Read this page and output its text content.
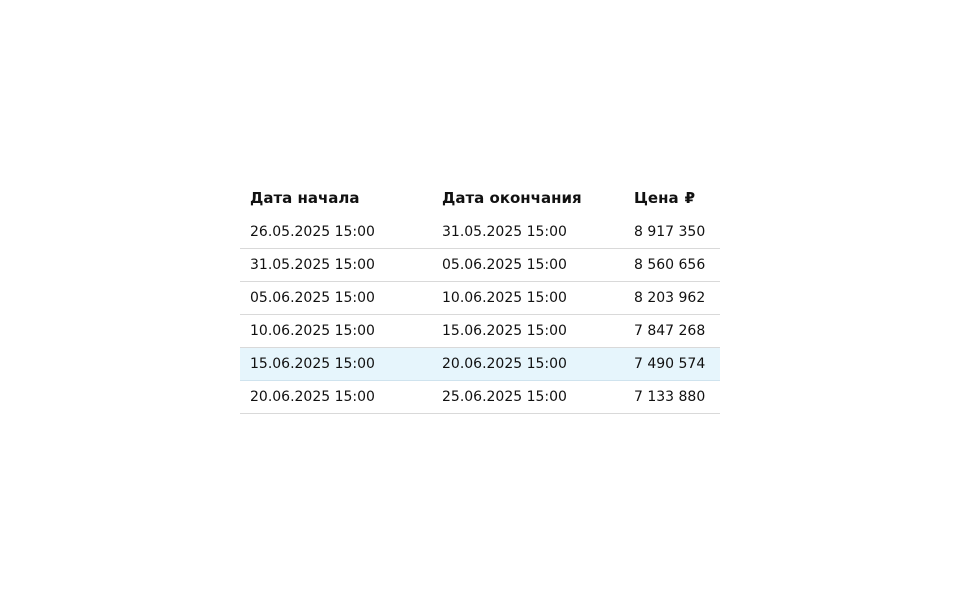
Дата начала	Дата окончания	Цена ₽
26.05.2025 15:00	31.05.2025 15:00	8 917 350
31.05.2025 15:00	05.06.2025 15:00	8 560 656
05.06.2025 15:00	10.06.2025 15:00	8 203 962
10.06.2025 15:00	15.06.2025 15:00	7 847 268
15.06.2025 15:00	20.06.2025 15:00	7 490 574
20.06.2025 15:00	25.06.2025 15:00	7 133 880
